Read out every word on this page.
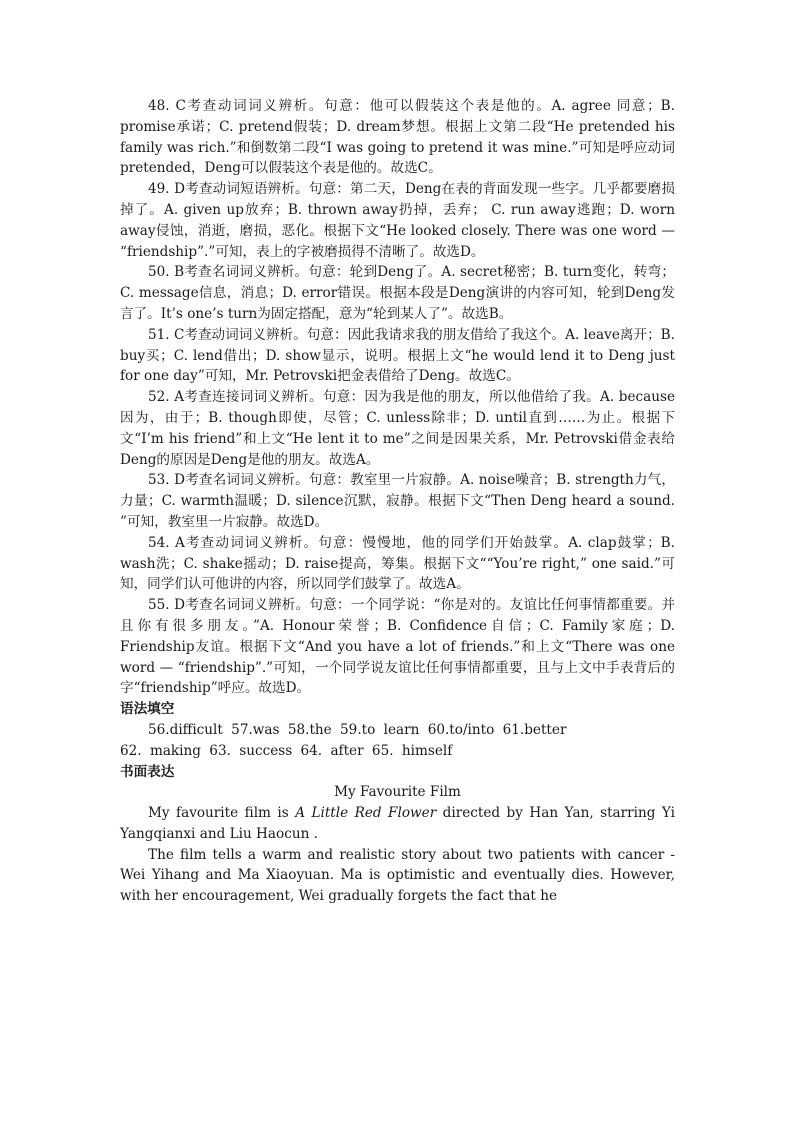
48. C考查动词词义辨析。句意：他可以假装这个表是他的。A. agree 同意；B. promise承诺；C. pretend假装；D. dream梦想。根据上文第二段“He pretended his family was rich.”和倒数第二段“I was going to pretend it was mine.”可知是呼应动词pretended，Deng可以假装这个表是他的。故选C。

49. D考查动词短语辨析。句意：第二天，Deng在表的背面发现一些字。几乎都要磨损掉了。A. given up放弃；B. thrown away扔掉，丢弃； C. run away逃跑；D. worn away侵蚀，消逝，磨损，恶化。根据下文“He looked closely. There was one word — “friendship”.”可知，表上的字被磨损得不清晰了。故选D。

50. B考查名词词义辨析。句意：轮到Deng了。A. secret秘密；B. turn变化，转弯；C. message信息，消息；D. error错误。根据本段是Deng演讲的内容可知，轮到Deng发言了。It’s one’s turn为固定搭配，意为“轮到某人了”。故选B。

51. C考查动词词义辨析。句意：因此我请求我的朋友借给了我这个。A. leave离开；B. buy买；C. lend借出；D. show显示，说明。根据上文“he would lend it to Deng just for one day”可知，Mr. Petrovski把金表借给了Deng。故选C。

52. A考查连接词词义辨析。句意：因为我是他的朋友，所以他借给了我。A. because因为，由于；B. though即使，尽管；C. unless除非；D. until直到……为止。根据下文“I’m his friend”和上文“He lent it to me”之间是因果关系，Mr. Petrovski借金表给Deng的原因是Deng是他的朋友。故选A。

53. D考查名词词义辨析。句意：教室里一片寂静。A. noise噪音；B. strength力气，力量；C. warmth温暖；D. silence沉默，寂静。根据下文“Then Deng heard a sound. ”可知，教室里一片寂静。故选D。

54. A考查动词词义辨析。句意：慢慢地，他的同学们开始鼓掌。A. clap鼓掌；B. wash洗；C. shake摇动；D. raise提高，筹集。根据下文““You’re right,” one said.”可知，同学们认可他讲的内容，所以同学们鼓掌了。故选A。

55. D考查名词词义辨析。句意：一个同学说：“你是对的。友谊比任何事情都重要。并且你有很多朋友。”A. Honour荣誉；B. Confidence自信；C. Family家庭；D. Friendship友谊。根据下文“And you have a lot of friends.”和上文“There was one word — “friendship”.”可知，一个同学说友谊比任何事情都重要，且与上文中手表背后的字“friendship”呼应。故选D。

语法填空

56.difficult 57.was 58.the 59.to learn 60.to/into 61.better

62. making 63. success 64. after 65. himself

书面表达

My Favourite Film

My favourite film is A Little Red Flower directed by Han Yan, starring Yi Yangqianxi and Liu Haocun .

The film tells a warm and realistic story about two patients with cancer -Wei Yihang and Ma Xiaoyuan. Ma is optimistic and eventually dies. However, with her encouragement, Wei gradually forgets the fact that he
